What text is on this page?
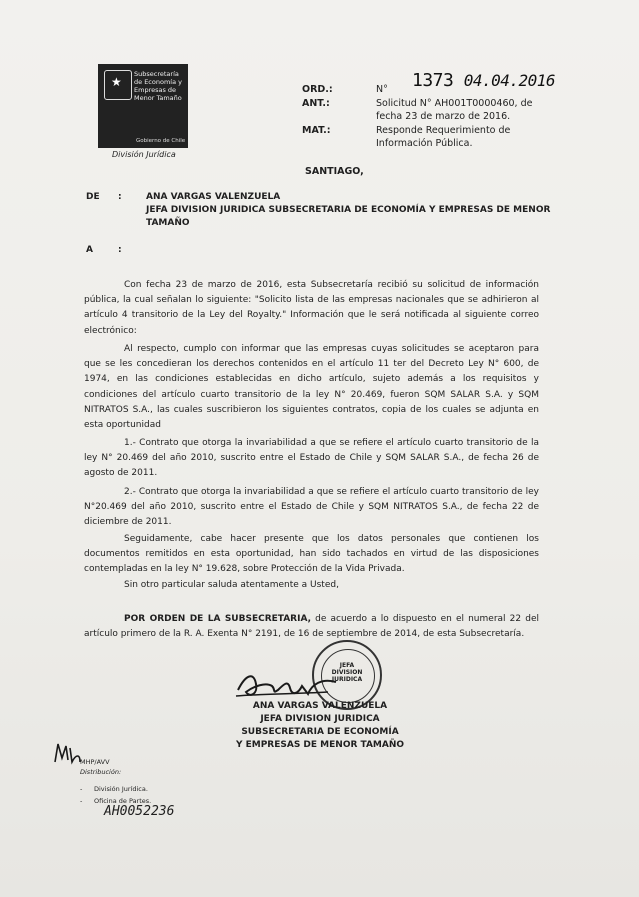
★
Subsecretaría de Economía y Empresas de Menor Tamaño
Gobierno de Chile
División Jurídica
ORD.:	N° 1373 04.04.2016
ANT.:	Solicitud N° AH001T0000460, de
fecha 23 de marzo de 2016.
MAT.:	Responde Requerimiento de
Información Pública.
SANTIAGO,
DE :	ANA VARGAS VALENZUELA
JEFA DIVISION JURIDICA SUBSECRETARIA DE ECONOMÍA Y EMPRESAS DE MENOR
TAMAÑO
A	:

Con fecha 23 de marzo de 2016, esta Subsecretaría recibió su solicitud de información pública, la cual señalan lo siguiente: "Solicito lista de las empresas nacionales que se adhirieron al artículo 4 transitorio de la Ley del Royalty." Información que le será notificada al siguiente correo electrónico:

Al respecto, cumplo con informar que las empresas cuyas solicitudes se aceptaron para que se les concedieran los derechos contenidos en el artículo 11 ter del Decreto Ley N° 600, de 1974, en las condiciones establecidas en dicho artículo, sujeto además a los requisitos y condiciones del artículo cuarto transitorio de la ley N° 20.469, fueron SQM SALAR S.A. y SQM NITRATOS S.A., las cuales suscribieron los siguientes contratos, copia de los cuales se adjunta en esta oportunidad

1.- Contrato que otorga la invariabilidad a que se refiere el artículo cuarto transitorio de la ley N° 20.469 del año 2010, suscrito entre el Estado de Chile y SQM SALAR S.A., de fecha 26 de agosto de 2011.

2.- Contrato que otorga la invariabilidad a que se refiere el artículo cuarto transitorio de ley N°20.469 del año 2010, suscrito entre el Estado de Chile y SQM NITRATOS S.A., de fecha 22 de diciembre de 2011.

Seguidamente, cabe hacer presente que los datos personales que contienen los documentos remitidos en esta oportunidad, han sido tachados en virtud de las disposiciones contempladas en la ley N° 19.628, sobre Protección de la Vida Privada.

Sin otro particular saluda atentamente a Usted,

POR ORDEN DE LA SUBSECRETARIA, de acuerdo a lo dispuesto en el numeral 22 del artículo primero de la R. A. Exenta N° 2191, de 16 de septiembre de 2014, de esta Subsecretaría.

JEFA
DIVISION
JURIDICA
ANA VARGAS VALENZUELA
JEFA DIVISION JURIDICA
SUBSECRETARIA DE ECONOMÍA
Y EMPRESAS DE MENOR TAMAÑO
MHP/AVV
Distribución:
- División Jurídica.
- Oficina de Partes.
AH0052236
